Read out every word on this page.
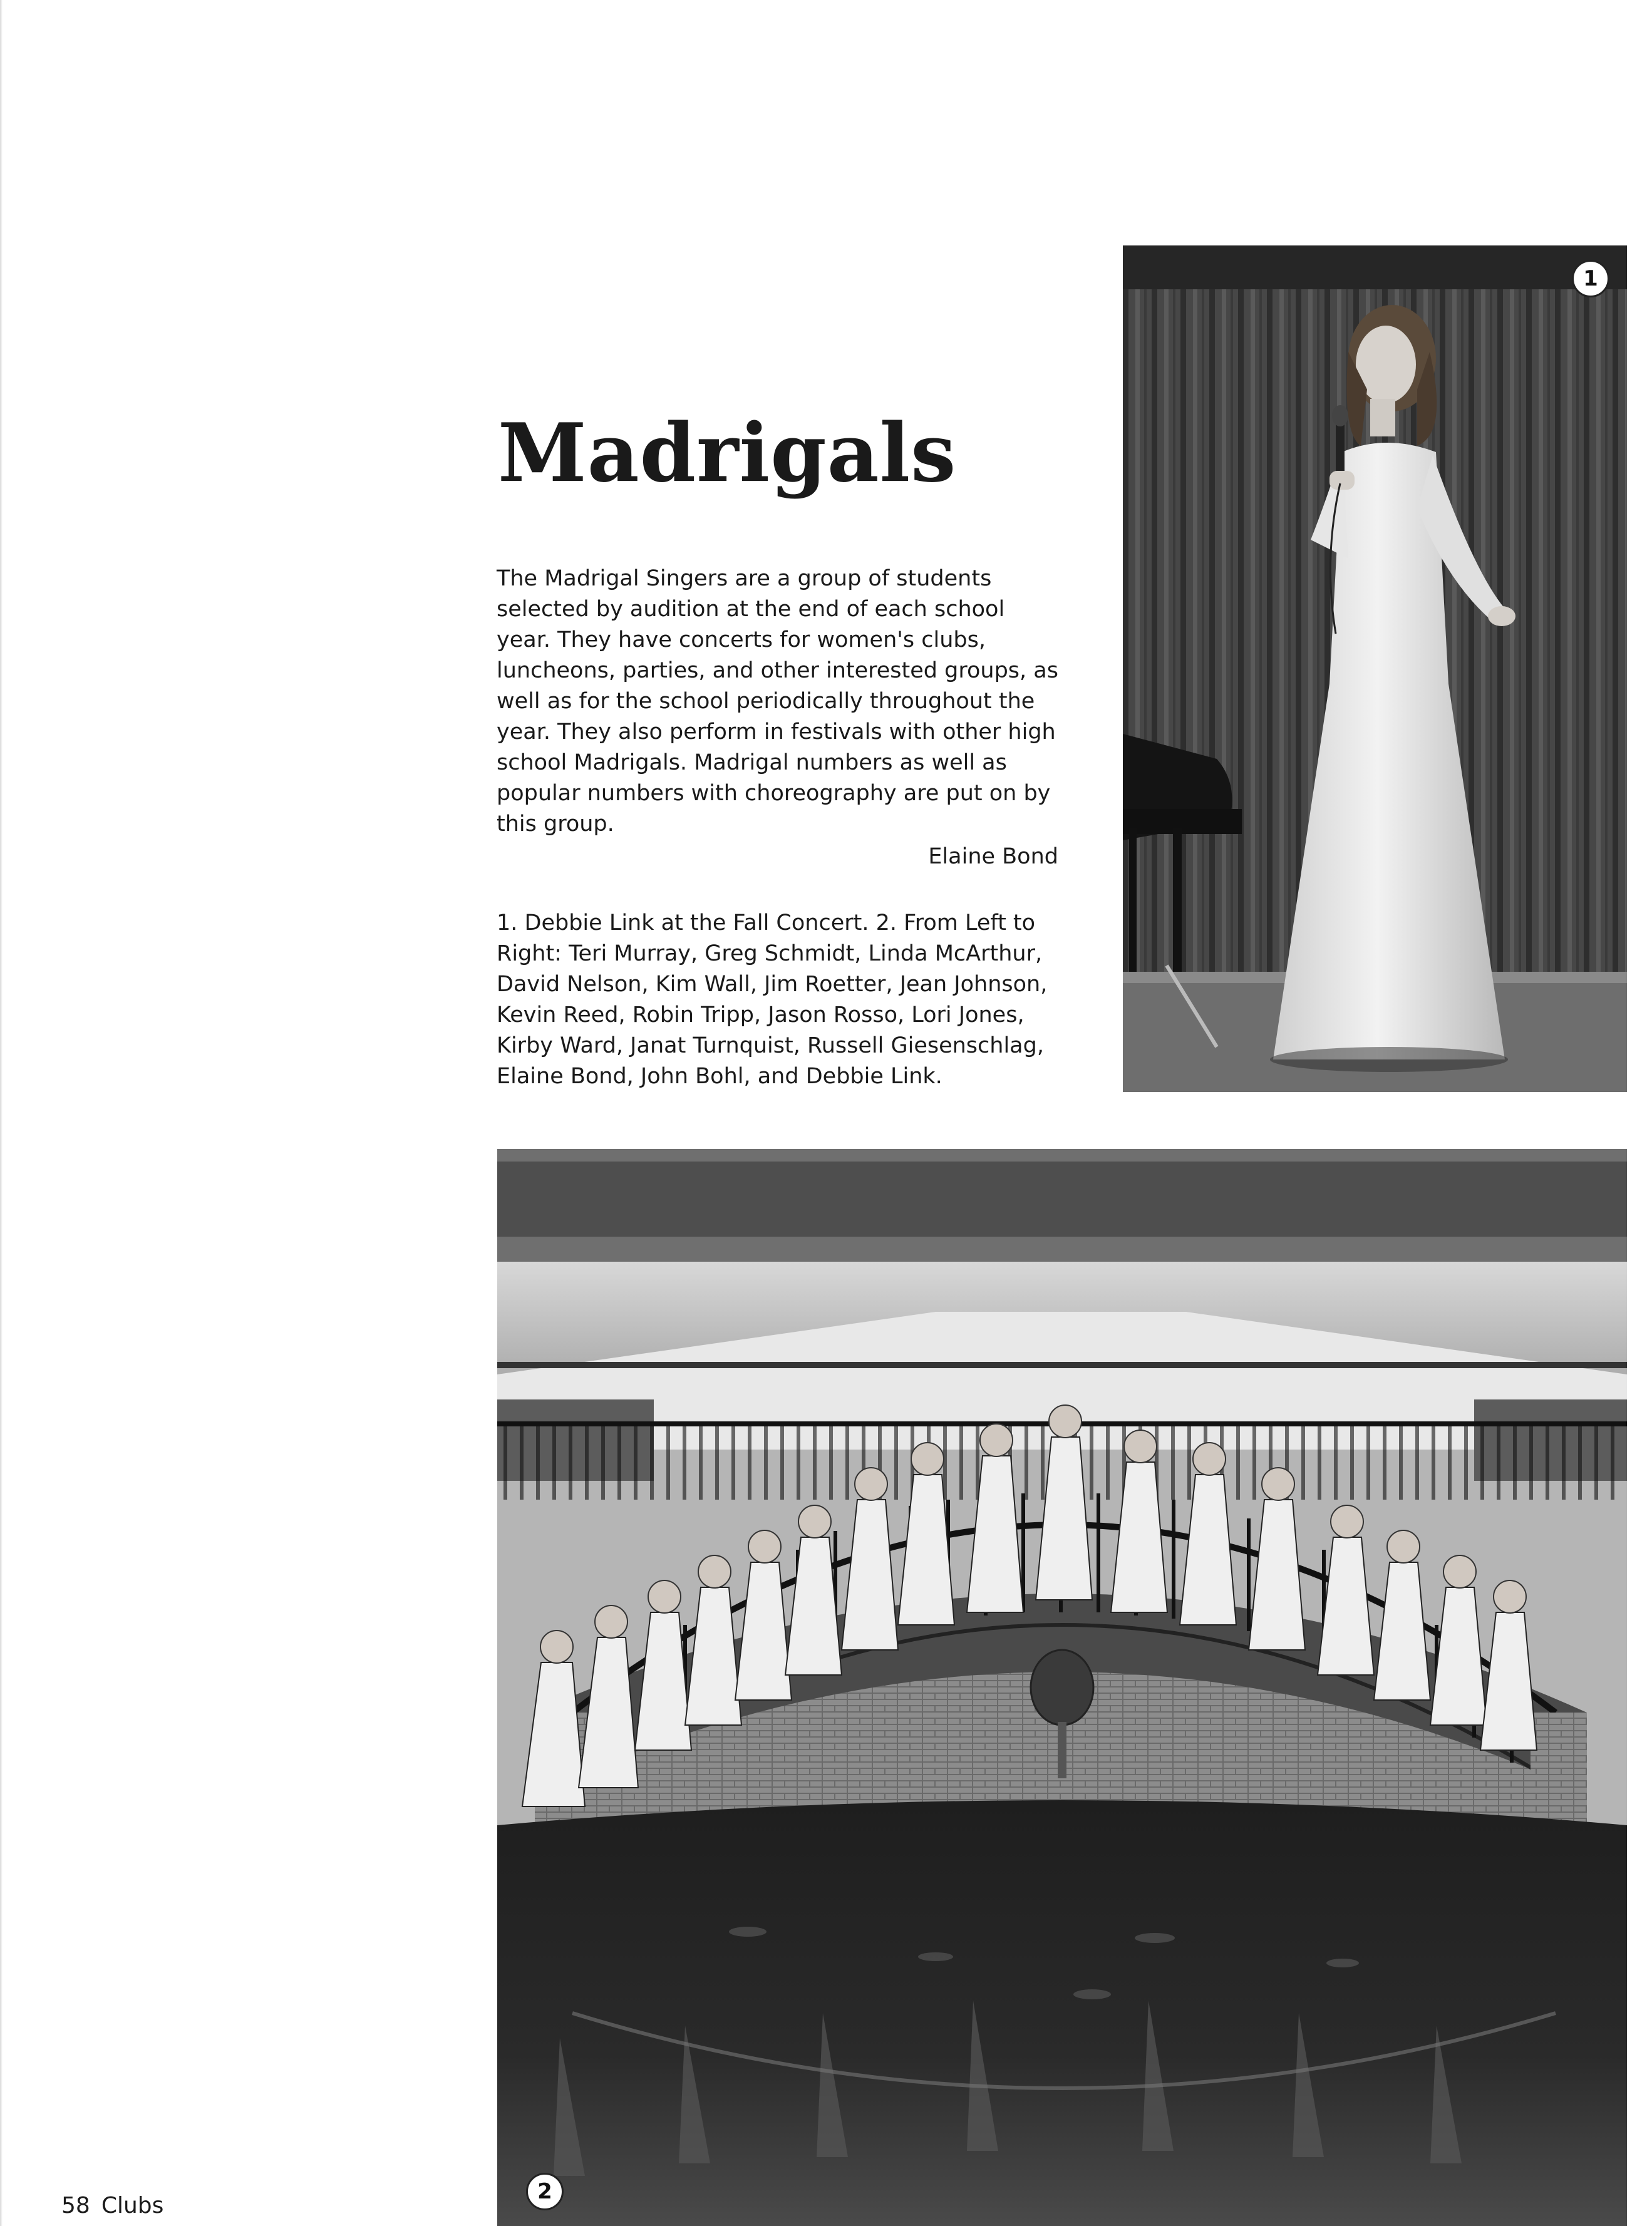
Madrigals

The Madrigal Singers are a group of students selected by audition at the end of each school year. They have concerts for women's clubs, luncheons, parties, and other interested groups, as well as for the school periodically throughout the year. They also perform in festivals with other high school Madrigals. Madrigal numbers as well as popular numbers with choreography are put on by this group.

Elaine Bond

1. Debbie Link at the Fall Concert. 2. From Left to Right: Teri Murray, Greg Schmidt, Linda McArthur, David Nelson, Kim Wall, Jim Roetter, Jean Johnson, Kevin Reed, Robin Tripp, Jason Rosso, Lori Jones, Kirby Ward, Janat Turnquist, Russell Giesenschlag, Elaine Bond, John Bohl, and Debbie Link.

1
2
58 Clubs
